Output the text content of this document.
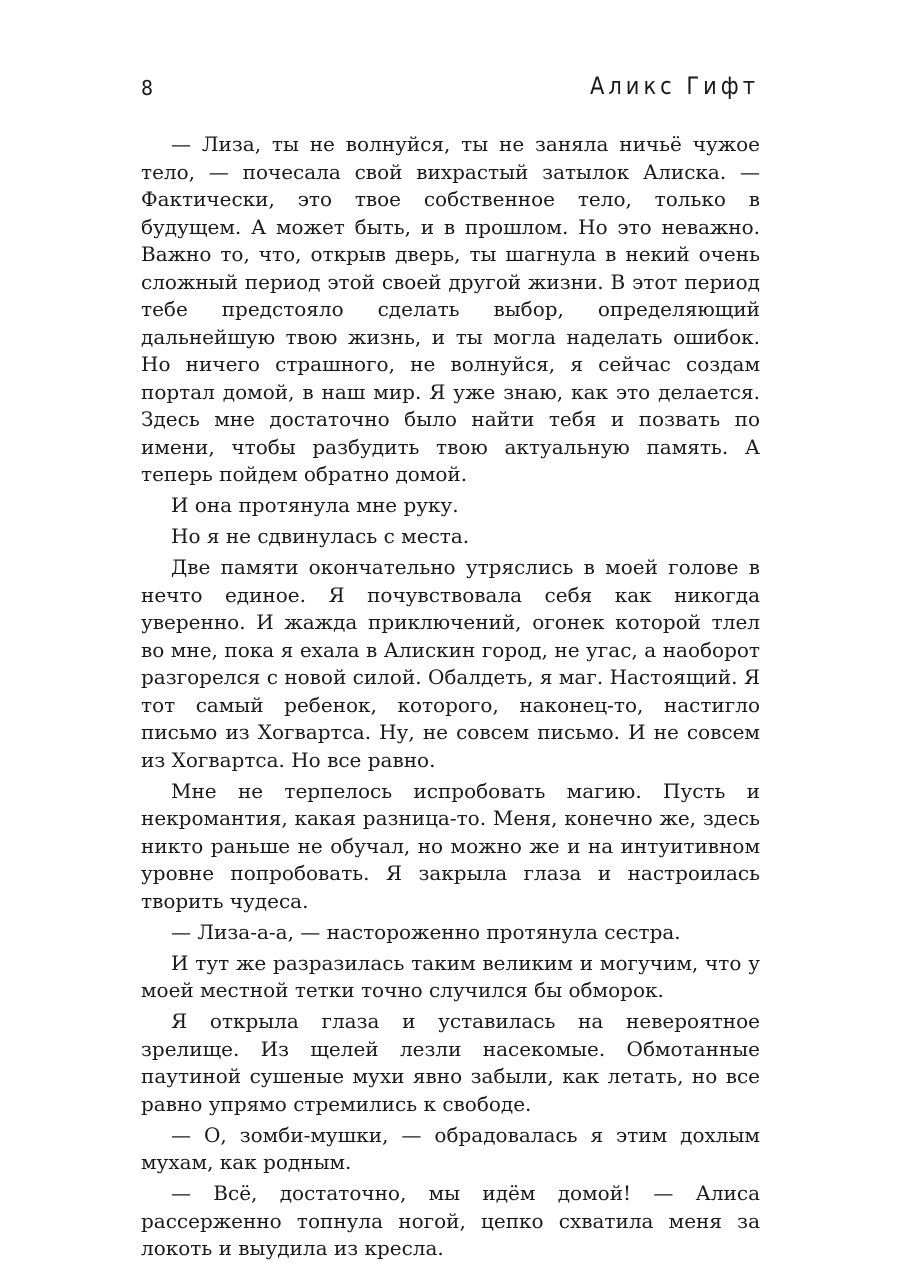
8	Аликс Гифт

— Лиза, ты не волнуйся, ты не заняла ничьё чужое тело, — почесала свой вихрастый затылок Алиска. — Фактически, это твое собственное тело, только в будущем. А может быть, и в прошлом. Но это неважно. Важно то, что, открыв дверь, ты шагнула в некий очень сложный период этой своей другой жизни. В этот период тебе предстояло сделать выбор, определяющий дальнейшую твою жизнь, и ты могла наделать ошибок. Но ничего страшного, не волнуйся, я сейчас создам портал домой, в наш мир. Я уже знаю, как это делается. Здесь мне достаточно было найти тебя и позвать по имени, чтобы разбудить твою актуальную память. А теперь пойдем обратно домой.

И она протянула мне руку.

Но я не сдвинулась с места.

Две памяти окончательно утряслись в моей голове в нечто единое. Я почувствовала себя как никогда уверенно. И жажда приключений, огонек которой тлел во мне, пока я ехала в Алискин город, не угас, а наоборот разгорелся с новой силой. Обалдеть, я маг. Настоящий. Я тот самый ребенок, которого, наконец-то, настигло письмо из Хогвартса. Ну, не совсем письмо. И не совсем из Хогвартса. Но все равно.

Мне не терпелось испробовать магию. Пусть и некромантия, какая разница-то. Меня, конечно же, здесь никто раньше не обучал, но можно же и на интуитивном уровне попробовать. Я закрыла глаза и настроилась творить чудеса.

— Лиза-а-а, — настороженно протянула сестра.

И тут же разразилась таким великим и могучим, что у моей местной тетки точно случился бы обморок.

Я открыла глаза и уставилась на невероятное зрелище. Из щелей лезли насекомые. Обмотанные паутиной сушеные мухи явно забыли, как летать, но все равно упрямо стремились к свободе.

— О, зомби-мушки, — обрадовалась я этим дохлым мухам, как родным.

— Всё, достаточно, мы идём домой! — Алиса рассерженно топнула ногой, цепко схватила меня за локоть и выудила из кресла.
